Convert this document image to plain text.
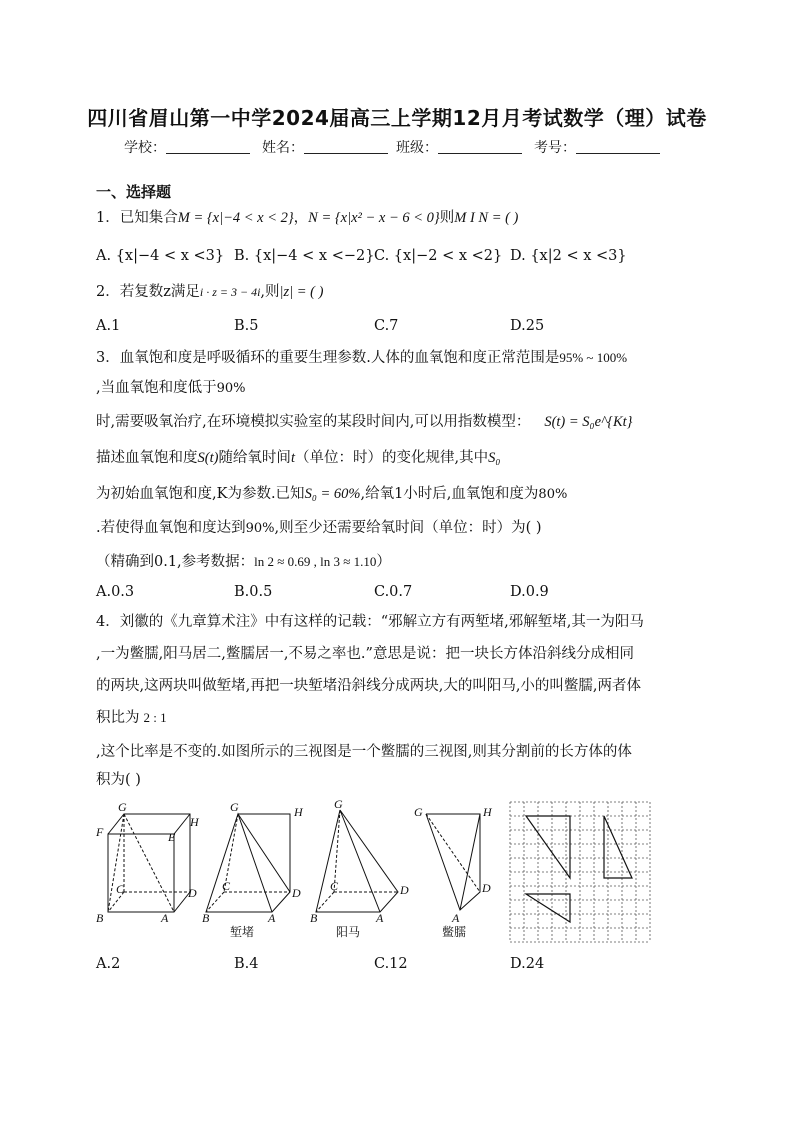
四川省眉山第一中学2024届高三上学期12月月考试数学（理）试卷
学校：	姓名：	班级：	考号：
一、选择题
1．已知集合M = {x|−4 < x < 2}，N = {x|x² − x − 6 < 0}则M I N = ( )
A. {x|−4 < x <3} B. {x|−4 < x <−2} C. {x|−2 < x <2} D. {x|2 < x <3}
2．若复数z满足i · z = 3 − 4i,则|z| = ( )
A.1	B.5	C.7	D.25
3．血氧饱和度是呼吸循环的重要生理参数.人体的血氧饱和度正常范围是95% ~ 100%
,当血氧饱和度低于90%
时,需要吸氧治疗,在环境模拟实验室的某段时间内,可以用指数模型： S(t) = S₀e^{Kt}
描述血氧饱和度S(t)随给氧时间t（单位：时）的变化规律,其中S₀
为初始血氧饱和度,K为参数.已知S₀ = 60%,给氧1小时后,血氧饱和度为80%
.若使得血氧饱和度达到90%,则至少还需要给氧时间（单位：时）为( )
（精确到0.1,参考数据：ln 2 ≈ 0.69 , ln 3 ≈ 1.10）
A.0.3	B.0.5	C.0.7	D.0.9
4．刘徽的《九章算术注》中有这样的记载：“邪解立方有两堑堵,邪解堑堵,其一为阳马
,一为鳖臑,阳马居二,鳖臑居一,不易之率也.”意思是说：把一块长方体沿斜线分成相同
的两块,这两块叫做堑堵,再把一块堑堵沿斜线分成两块,大的叫阳马,小的叫鳖臑,两者体
积比为 2 : 1
,这个比率是不变的.如图所示的三视图是一个鳖臑的三视图,则其分割前的长方体的体
积为( )
G
H
F	E
C	D
B	A
G	H
C	D
B	A
G
C	D
B	A
G	H
D
A
堑堵	阳马	鳖臑
A.2	B.4	C.12	D.24
